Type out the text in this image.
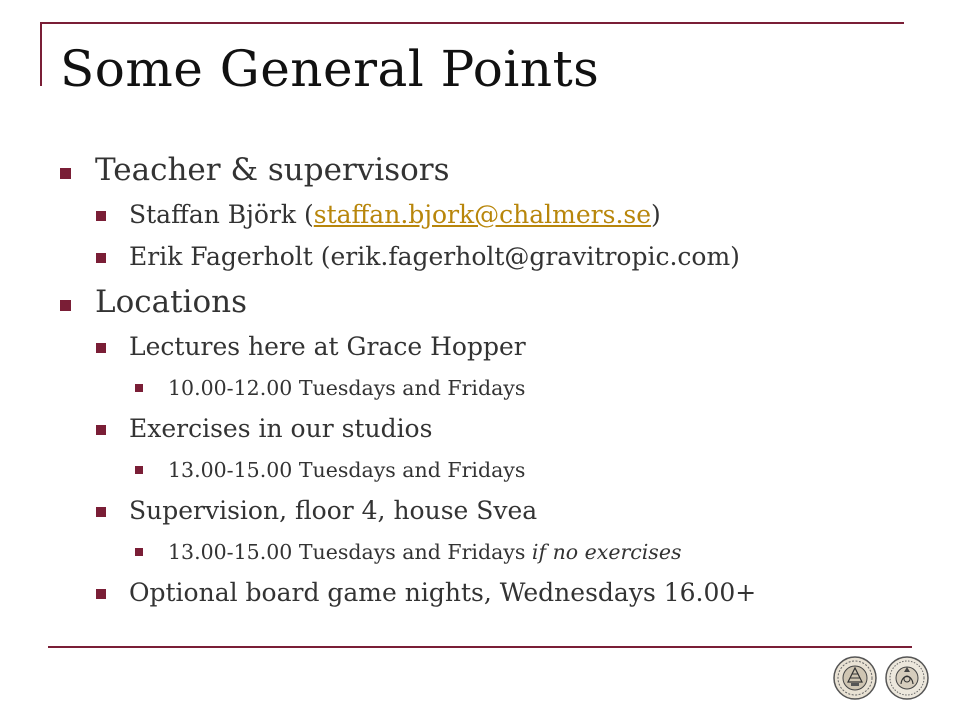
Some General Points
Teacher & supervisors
Staffan Björk (staffan.bjork@chalmers.se)
Erik Fagerholt (erik.fagerholt@gravitropic.com)
Locations
Lectures here at Grace Hopper
10.00-12.00 Tuesdays and Fridays
Exercises in our studios
13.00-15.00 Tuesdays and Fridays
Supervision, floor 4, house Svea
13.00-15.00 Tuesdays and Fridays if no exercises
Optional board game nights, Wednesdays 16.00+
